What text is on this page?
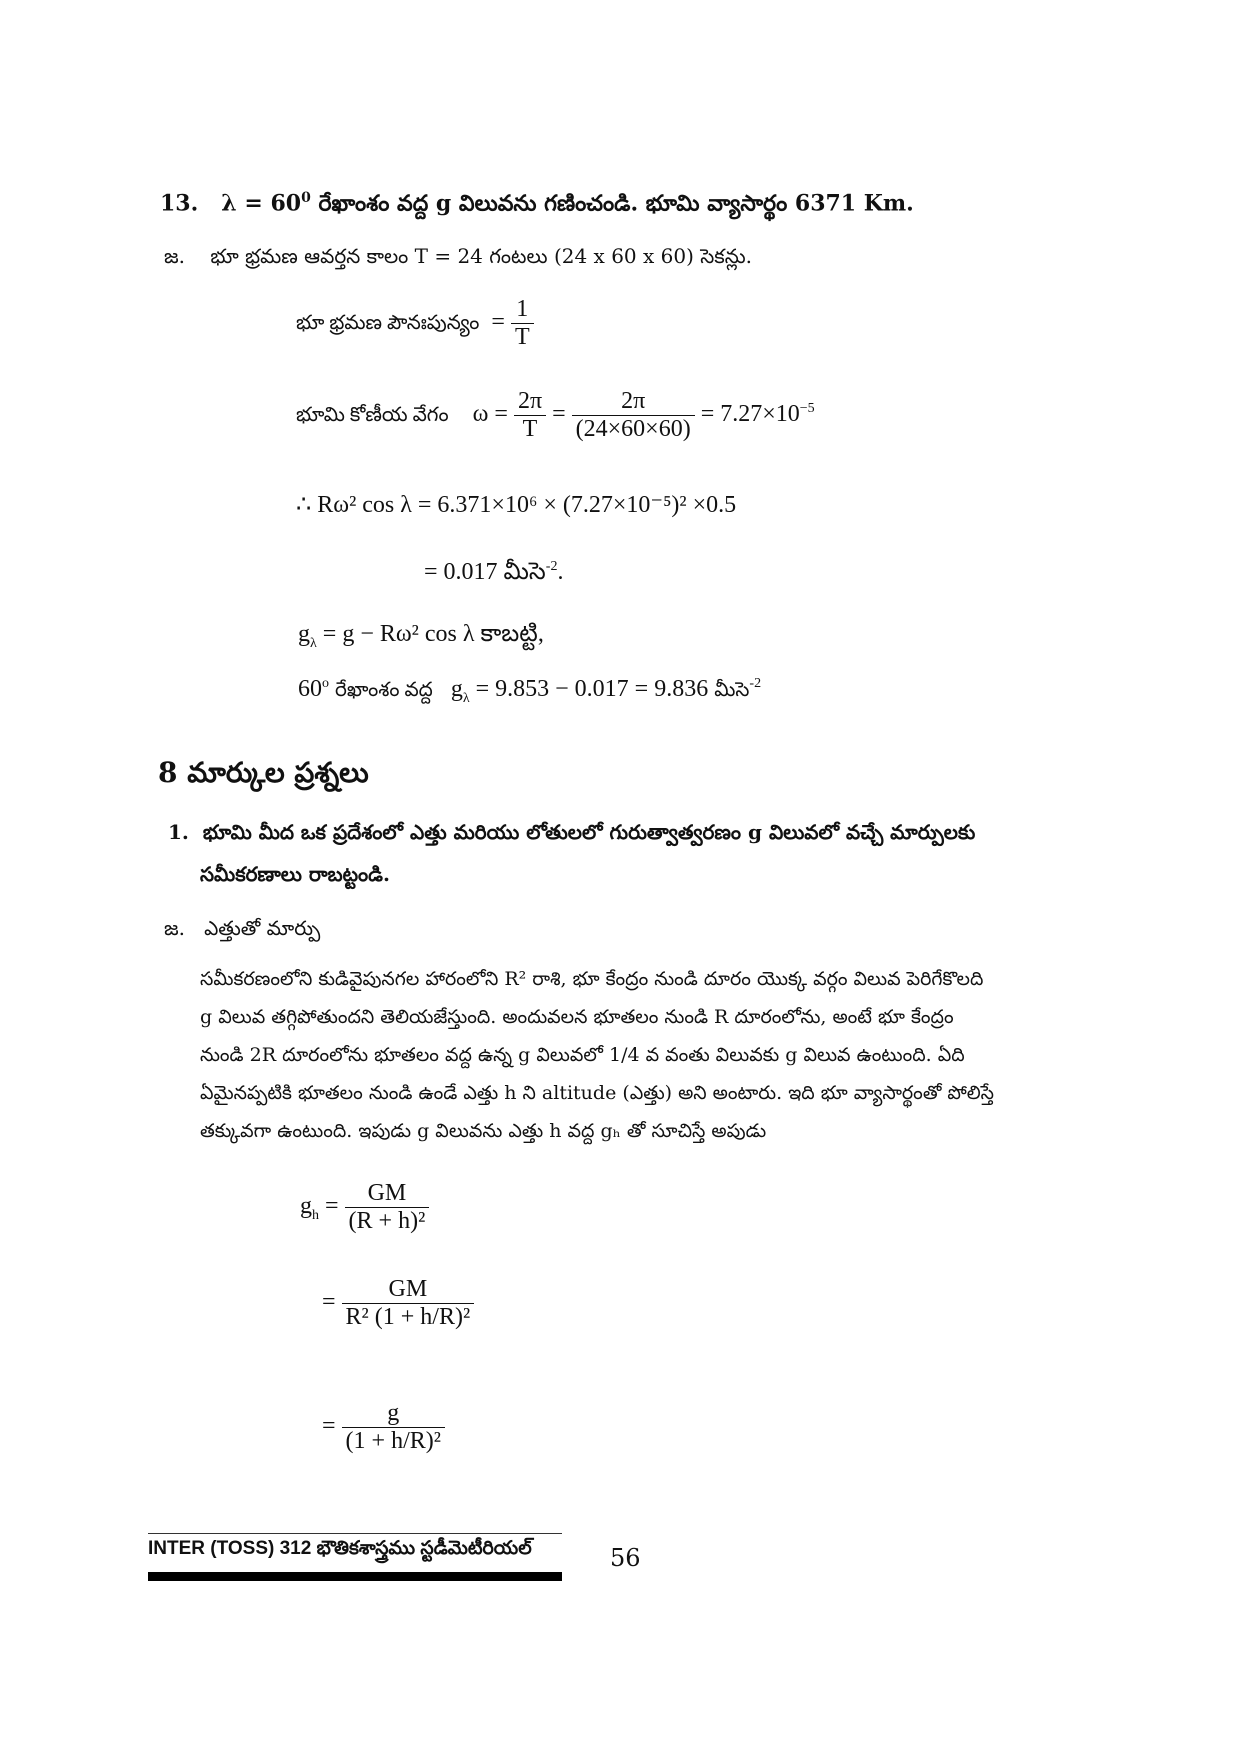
13. $\lambda = 60^0$ రేఖాంశం వద్ద g విలువను గణించండి. భూమి వ్యాసార్థం 6371 Km.
జ. భూ భ్రమణ ఆవర్తన కాలం T = 24 గంటలు (24 x 60 x 60) సెకన్లు.
భూ భ్రమణ పౌనఃపున్యం  = $\frac{1}{T}$
భూమి కోణీయ వేగం $\omega = \frac{2\pi}{T} = \frac{2\pi}{(24\times 60\times 60)} = 7.27\times 10^{-5}$
∴ Rω² cos λ = 6.371×10⁶ × (7.27×10⁻⁵)² ×0.5
= 0.017 మీసె$^{-2}$.
$g_\lambda = g - R\omega^2$ cos λ కాబట్టి,
60$^o$ రేఖాంశం వద్ద $g_\lambda = 9.853 - 0.017 = 9.836$ మీసె$^{-2}$
8 మార్కుల ప్రశ్నలు
1. భూమి మీద ఒక ప్రదేశంలో ఎత్తు మరియు లోతులలో గురుత్వాత్వరణం g విలువలో వచ్చే మార్పులకు
సమీకరణాలు రాబట్టండి.
జ. ఎత్తుతో మార్పు
సమీకరణంలోని కుడివైపునగల హారంలోని R² రాశి, భూ కేంద్రం నుండి దూరం యొక్క వర్గం విలువ పెరిగేకొలది
g విలువ తగ్గిపోతుందని తెలియజేస్తుంది. అందువలన భూతలం నుండి R దూరంలోను, అంటే భూ కేంద్రం
నుండి 2R దూరంలోను భూతలం వద్ద ఉన్న g విలువలో 1/4 వ వంతు విలువకు g విలువ ఉంటుంది. ఏది
ఏమైనప్పటికి భూతలం నుండి ఉండే ఎత్తు h ని altitude (ఎత్తు) అని అంటారు. ఇది భూ వ్యాసార్థంతో పోలిస్తే
తక్కువగా ఉంటుంది. ఇపుడు g విలువను ఎత్తు h వద్ద gₕ తో సూచిస్తే అపుడు
$g_h = \frac{GM}{\text{(R + h)²}}$
= $\frac{GM}{\text{R² (1 + h/R)²}}$
= $\frac{g}{\text{(1 + h/R)²}}$
INTER (TOSS) 312 భౌతికశాస్త్రము స్టడీమెటీరియల్	56
